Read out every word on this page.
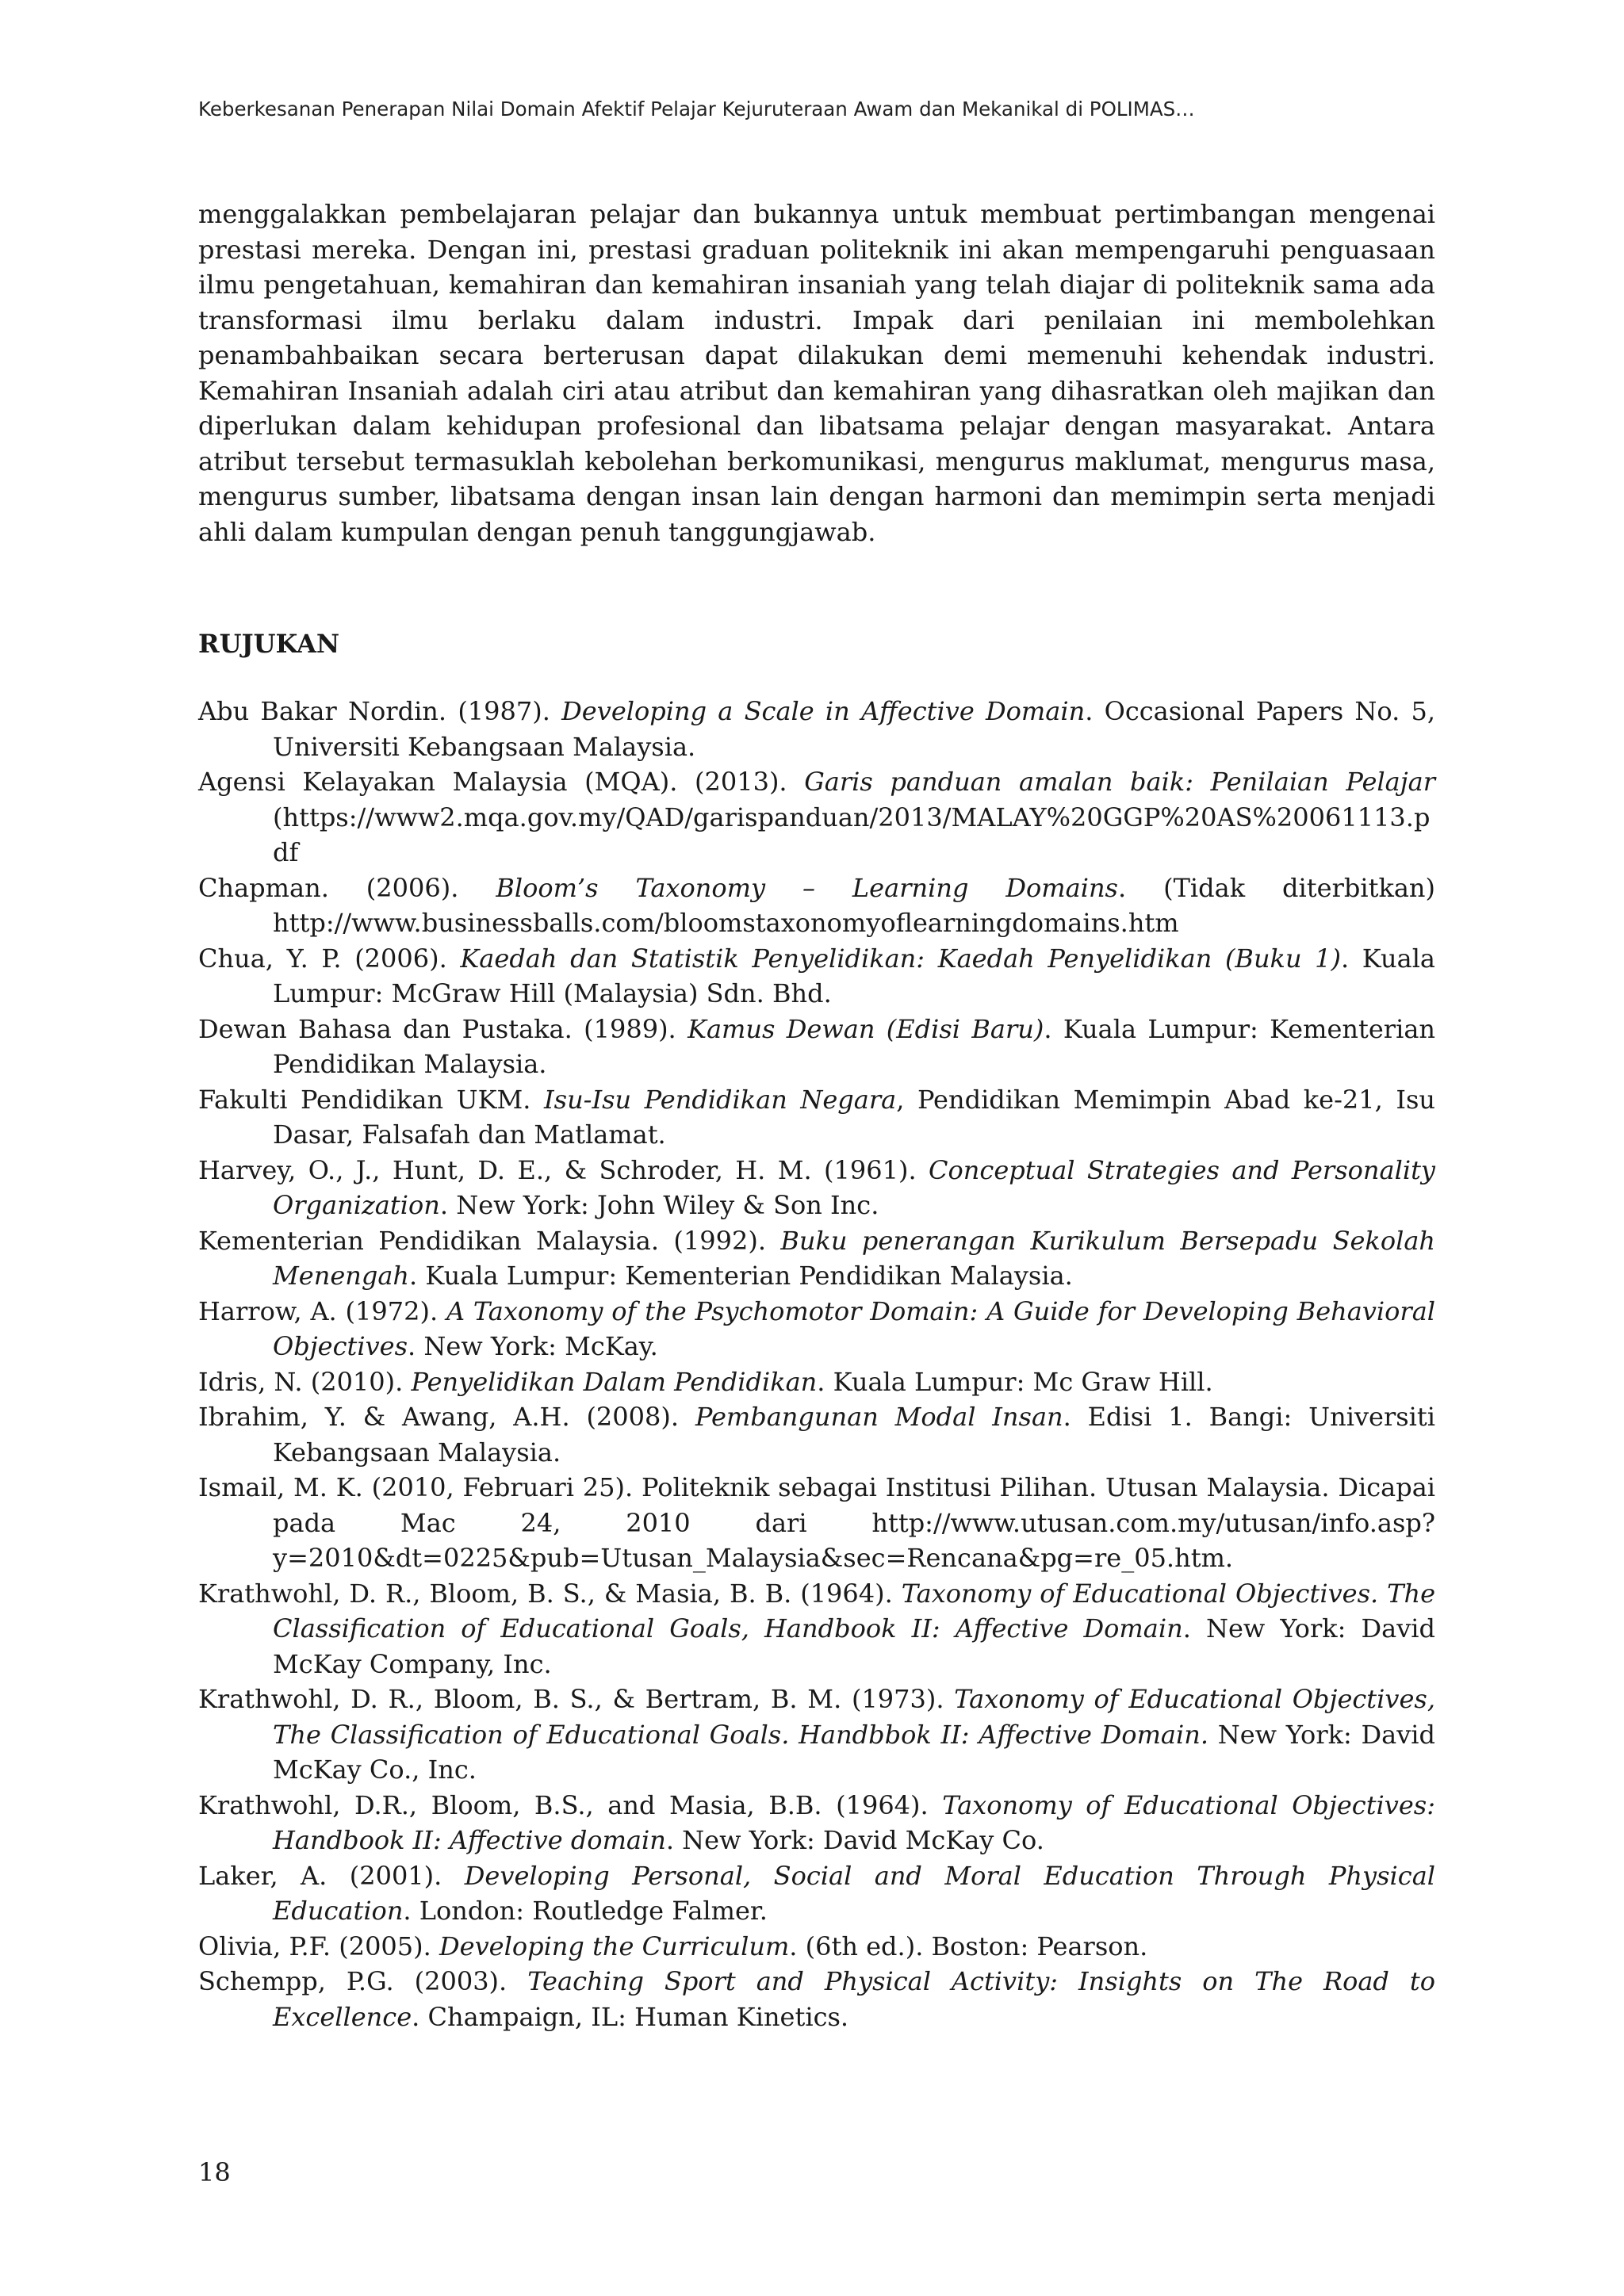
Keberkesanan Penerapan Nilai Domain Afektif Pelajar Kejuruteraan Awam dan Mekanikal di POLIMAS…

menggalakkan pembelajaran pelajar dan bukannya untuk membuat pertimbangan mengenai prestasi mereka. Dengan ini, prestasi graduan politeknik ini akan mempengaruhi penguasaan ilmu pengetahuan, kemahiran dan kemahiran insaniah yang telah diajar di politeknik sama ada transformasi ilmu berlaku dalam industri. Impak dari penilaian ini membolehkan penambahbaikan secara berterusan dapat dilakukan demi memenuhi kehendak industri. Kemahiran Insaniah adalah ciri atau atribut dan kemahiran yang dihasratkan oleh majikan dan diperlukan dalam kehidupan profesional dan libatsama pelajar dengan masyarakat. Antara atribut tersebut termasuklah kebolehan berkomunikasi, mengurus maklumat, mengurus masa, mengurus sumber, libatsama dengan insan lain dengan harmoni dan memimpin serta menjadi ahli dalam kumpulan dengan penuh tanggungjawab.

RUJUKAN
Abu Bakar Nordin. (1987). Developing a Scale in Affective Domain. Occasional Papers No. 5, Universiti Kebangsaan Malaysia.
Agensi Kelayakan Malaysia (MQA). (2013). Garis panduan amalan baik: Penilaian Pelajar (https://www2.mqa.gov.my/QAD/garispanduan/2013/MALAY%20GGP%20AS%20061113.pdf
Chapman. (2006). Bloom’s Taxonomy – Learning Domains. (Tidak diterbitkan) http://www.businessballs.com/bloomstaxonomyoflearningdomains.htm
Chua, Y. P. (2006). Kaedah dan Statistik Penyelidikan: Kaedah Penyelidikan (Buku 1). Kuala Lumpur: McGraw Hill (Malaysia) Sdn. Bhd.
Dewan Bahasa dan Pustaka. (1989). Kamus Dewan (Edisi Baru). Kuala Lumpur: Kementerian Pendidikan Malaysia.
Fakulti Pendidikan UKM. Isu-Isu Pendidikan Negara, Pendidikan Memimpin Abad ke-21, Isu Dasar, Falsafah dan Matlamat.
Harvey, O., J., Hunt, D. E., & Schroder, H. M. (1961). Conceptual Strategies and Personality Organization. New York: John Wiley & Son Inc.
Kementerian Pendidikan Malaysia. (1992). Buku penerangan Kurikulum Bersepadu Sekolah Menengah. Kuala Lumpur: Kementerian Pendidikan Malaysia.
Harrow, A. (1972). A Taxonomy of the Psychomotor Domain: A Guide for Developing Behavioral Objectives. New York: McKay.
Idris, N. (2010). Penyelidikan Dalam Pendidikan. Kuala Lumpur: Mc Graw Hill.
Ibrahim, Y. & Awang, A.H. (2008). Pembangunan Modal Insan. Edisi 1. Bangi: Universiti Kebangsaan Malaysia.
Ismail, M. K. (2010, Februari 25). Politeknik sebagai Institusi Pilihan. Utusan Malaysia. Dicapai pada Mac 24, 2010 dari http://www.utusan.com.my/utusan/info.asp?y=2010&dt=0225&pub=Utusan_Malaysia&sec=Rencana&pg=re_05.htm.
Krathwohl, D. R., Bloom, B. S., & Masia, B. B. (1964). Taxonomy of Educational Objectives. The Classification of Educational Goals, Handbook II: Affective Domain. New York: David McKay Company, Inc.
Krathwohl, D. R., Bloom, B. S., & Bertram, B. M. (1973). Taxonomy of Educational Objectives, The Classification of Educational Goals. Handbbok II: Affective Domain. New York: David McKay Co., Inc.
Krathwohl, D.R., Bloom, B.S., and Masia, B.B. (1964). Taxonomy of Educational Objectives: Handbook II: Affective domain. New York: David McKay Co.
Laker, A. (2001). Developing Personal, Social and Moral Education Through Physical Education. London: Routledge Falmer.
Olivia, P.F. (2005). Developing the Curriculum. (6th ed.). Boston: Pearson.
Schempp, P.G. (2003). Teaching Sport and Physical Activity: Insights on The Road to Excellence. Champaign, IL: Human Kinetics.
18
